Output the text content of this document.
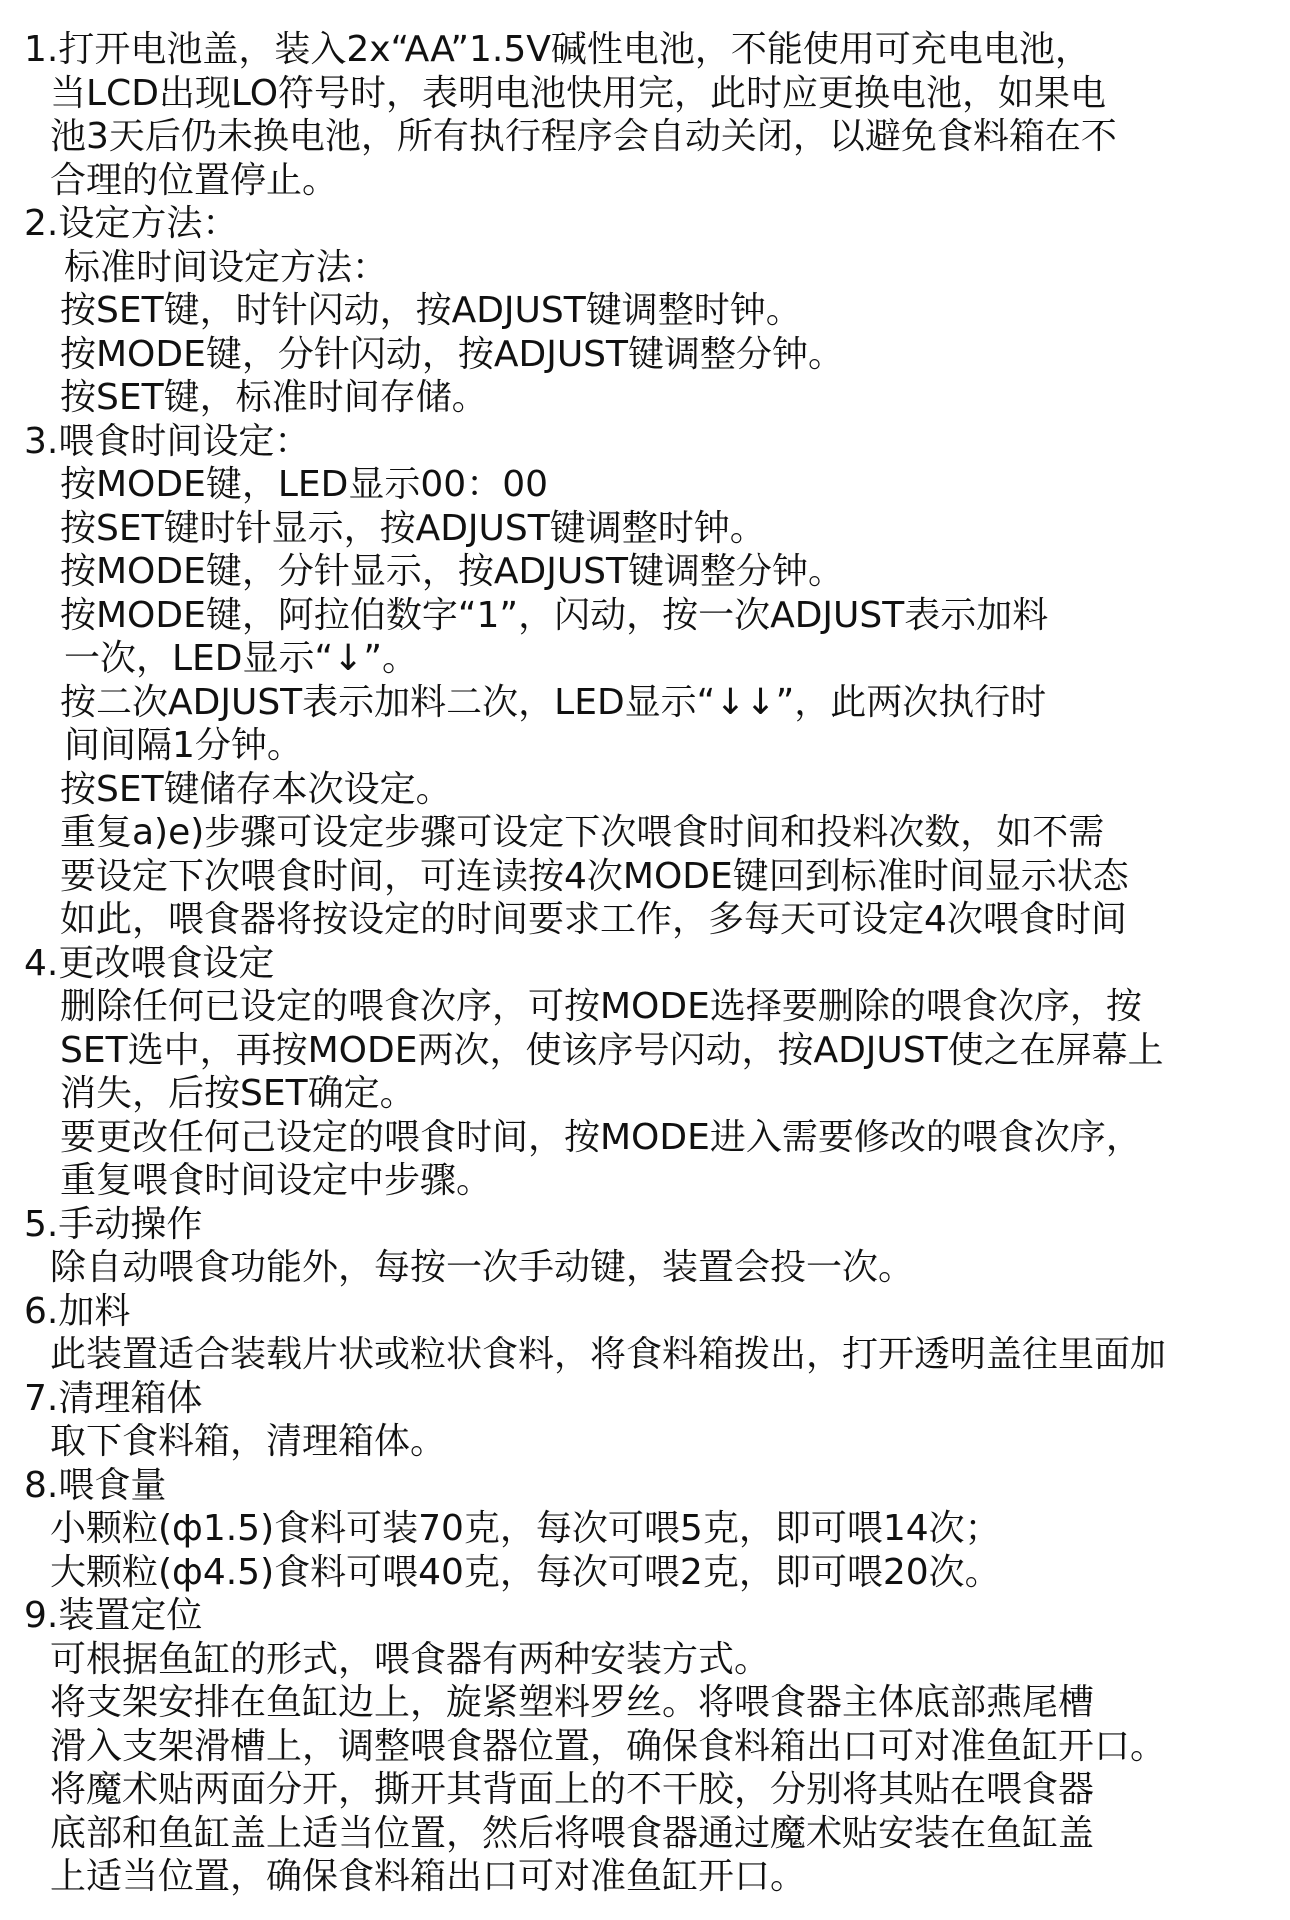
1.打开电池盖，装入2x“AA”1.5V碱性电池，不能使用可充电电池，
当LCD出现LO符号时，表明电池快用完，此时应更换电池，如果电
池3天后仍未换电池，所有执行程序会自动关闭，以避免食料箱在不
合理的位置停止。
2.设定方法：
标准时间设定方法：
按SET键，时针闪动，按ADJUST键调整时钟。
按MODE键，分针闪动，按ADJUST键调整分钟。
按SET键，标准时间存储。
3.喂食时间设定：
按MODE键，LED显示00：00
按SET键时针显示，按ADJUST键调整时钟。
按MODE键，分针显示，按ADJUST键调整分钟。
按MODE键，阿拉伯数字“1”，闪动，按一次ADJUST表示加料
一次，LED显示“↓”。
按二次ADJUST表示加料二次，LED显示“↓↓”，此两次执行时
间间隔1分钟。
按SET键储存本次设定。
重复a)e)步骤可设定步骤可设定下次喂食时间和投料次数，如不需
要设定下次喂食时间，可连读按4次MODE键回到标准时间显示状态
如此，喂食器将按设定的时间要求工作，多每天可设定4次喂食时间
4.更改喂食设定
删除任何已设定的喂食次序，可按MODE选择要删除的喂食次序，按
SET选中，再按MODE两次，使该序号闪动，按ADJUST使之在屏幕上
消失，后按SET确定。
要更改任何己设定的喂食时间，按MODE进入需要修改的喂食次序，
重复喂食时间设定中步骤。
5.手动操作
除自动喂食功能外，每按一次手动键，装置会投一次。
6.加料
此装置适合装载片状或粒状食料，将食料箱拨出，打开透明盖往里面加
7.清理箱体
取下食料箱，清理箱体。
8.喂食量
小颗粒(ф1.5)食料可装70克，每次可喂5克，即可喂14次；
大颗粒(ф4.5)食料可喂40克，每次可喂2克，即可喂20次。
9.装置定位
可根据鱼缸的形式，喂食器有两种安装方式。
将支架安排在鱼缸边上，旋紧塑料罗丝。将喂食器主体底部燕尾槽
滑入支架滑槽上，调整喂食器位置，确保食料箱出口可对准鱼缸开口。
将魔术贴两面分开，撕开其背面上的不干胶，分别将其贴在喂食器
底部和鱼缸盖上适当位置，然后将喂食器通过魔术贴安装在鱼缸盖
上适当位置，确保食料箱出口可对准鱼缸开口。
